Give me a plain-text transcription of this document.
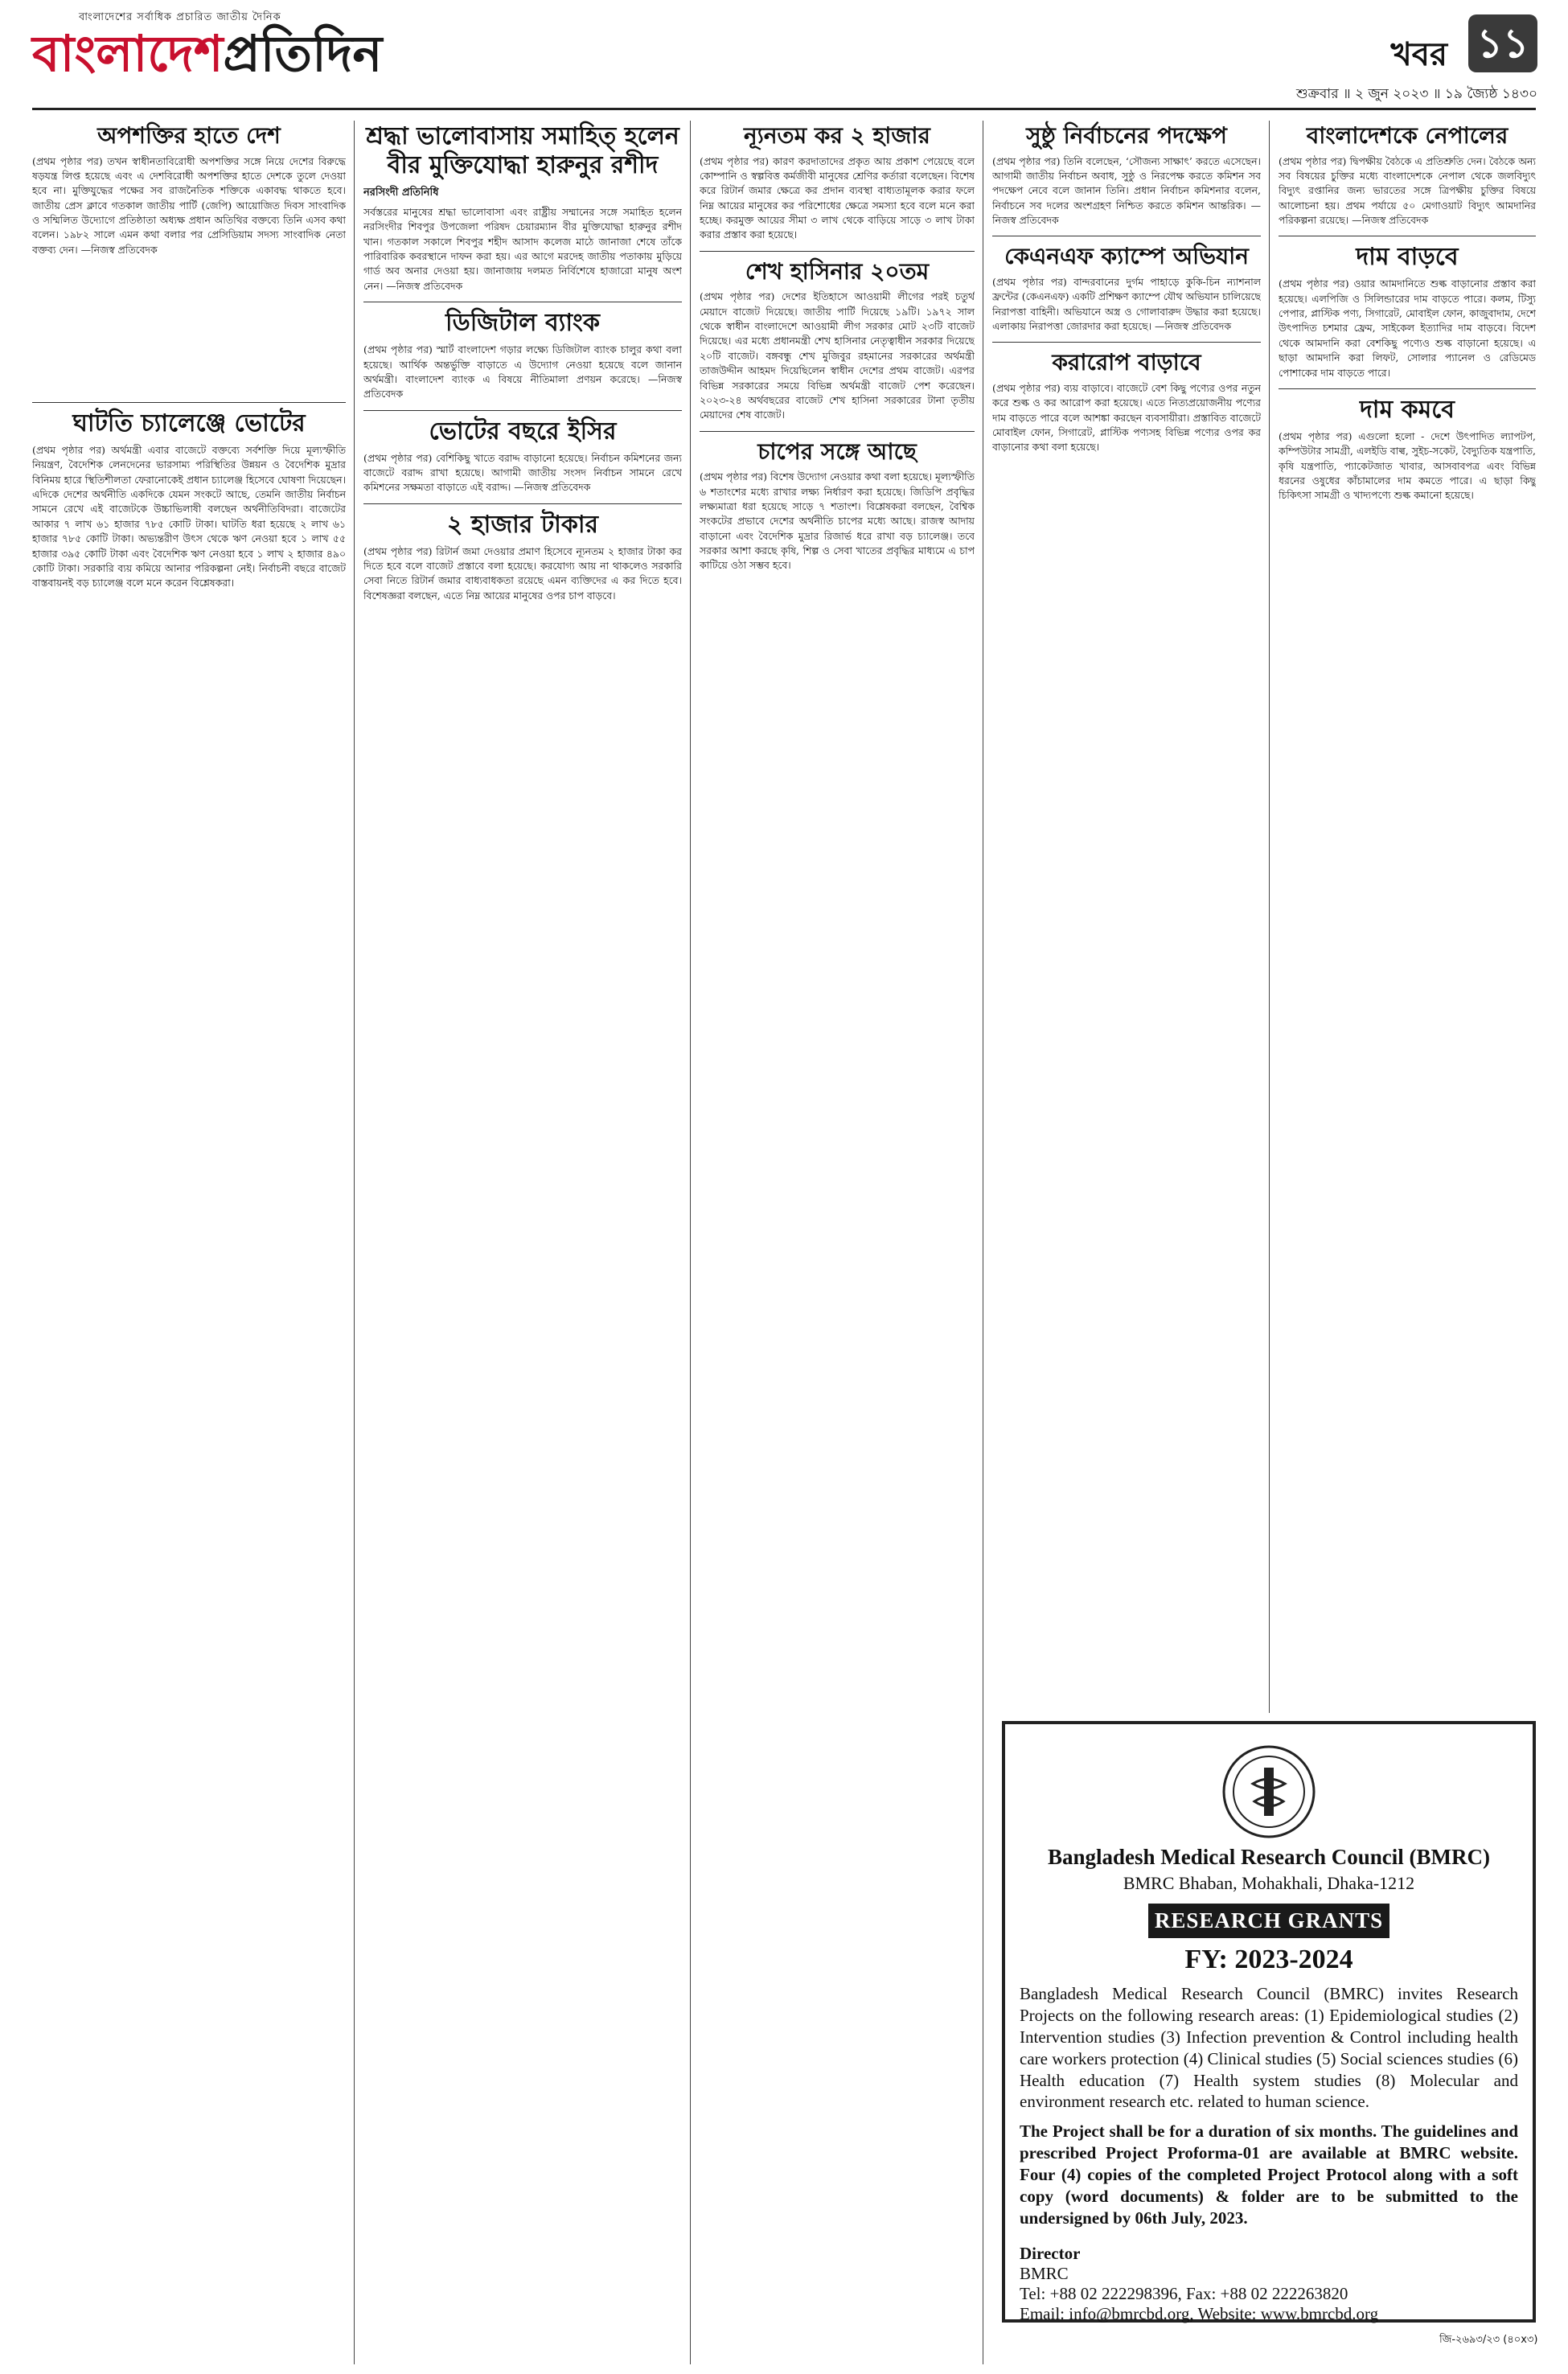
বাংলাদেশের সর্বাধিক প্রচারিত জাতীয় দৈনিক
বাংলাদেশপ্রতিদিন	খবর ১১
শুক্রবার ॥ ২ জুন ২০২৩ ॥ ১৯ জ্যৈষ্ঠ ১৪৩০
অপশক্তির হাতে দেশ
(প্রথম পৃষ্ঠার পর) তখন স্বাধীনতাবিরোধী অপশক্তির সঙ্গে নিয়ে দেশের বিরুদ্ধে ষড়যন্ত্র লিপ্ত হয়েছে এবং এ দেশবিরোধী অপশক্তির হাতে দেশকে তুলে দেওয়া হবে না। মুক্তিযুদ্ধের পক্ষের সব রাজনৈতিক শক্তিকে একাবদ্ধ থাকতে হবে। জাতীয় প্রেস ক্লাবে গতকাল জাতীয় পার্টি (জেপি) আয়োজিত দিবস সাংবাদিক ও সম্মিলিত উদ্যোগে প্রতিষ্ঠাতা অধ্যক্ষ প্রধান অতিথির বক্তব্যে তিনি এসব কথা বলেন। ১৯৮২ সালে এমন কথা বলার পর প্রেসিডিয়াম সদস্য সাংবাদিক নেতা বক্তব্য দেন। —নিজস্ব প্রতিবেদক
ঘাটতি চ্যালেঞ্জে ভোটের
(প্রথম পৃষ্ঠার পর) অর্থমন্ত্রী এবার বাজেটে বক্তব্যে সর্বশক্তি দিয়ে মূল্যস্ফীতি নিয়ন্ত্রণ, বৈদেশিক লেনদেনের ভারসাম্য পরিস্থিতির উন্নয়ন ও বৈদেশিক মুদ্রার বিনিময় হারে স্থিতিশীলতা ফেরানোকেই প্রধান চ্যালেঞ্জ হিসেবে ঘোষণা দিয়েছেন। এদিকে দেশের অর্থনীতি একদিকে যেমন সংকটে আছে, তেমনি জাতীয় নির্বাচন সামনে রেখে এই বাজেটকে উচ্চাভিলাষী বলছেন অর্থনীতিবিদরা। বাজেটের আকার ৭ লাখ ৬১ হাজার ৭৮৫ কোটি টাকা। ঘাটতি ধরা হয়েছে ২ লাখ ৬১ হাজার ৭৮৫ কোটি টাকা। অভ্যন্তরীণ উৎস থেকে ঋণ নেওয়া হবে ১ লাখ ৫৫ হাজার ৩৯৫ কোটি টাকা এবং বৈদেশিক ঋণ নেওয়া হবে ১ লাখ ২ হাজার ৪৯০ কোটি টাকা। সরকারি ব্যয় কমিয়ে আনার পরিকল্পনা নেই। নির্বাচনী বছরে বাজেট বাস্তবায়নই বড় চ্যালেঞ্জ বলে মনে করেন বিশ্লেষকরা।
শ্রদ্ধা ভালোবাসায় সমাহিত্ হলেন বীর মুক্তিযোদ্ধা হারুনুর রশীদ
নরসিংদী প্রতিনিধি
সর্বস্তরের মানুষের শ্রদ্ধা ভালোবাসা এবং রাষ্ট্রীয় সম্মানের সঙ্গে সমাহিত হলেন নরসিংদীর শিবপুর উপজেলা পরিষদ চেয়ারম্যান বীর মুক্তিযোদ্ধা হারুনুর রশীদ খান। গতকাল সকালে শিবপুর শহীদ আসাদ কলেজ মাঠে জানাজা শেষে তাঁকে পারিবারিক কবরস্থানে দাফন করা হয়। এর আগে মরদেহ জাতীয় পতাকায় মুড়িয়ে গার্ড অব অনার দেওয়া হয়। জানাজায় দলমত নির্বিশেষে হাজারো মানুষ অংশ নেন। —নিজস্ব প্রতিবেদক
ডিজিটাল ব্যাংক
(প্রথম পৃষ্ঠার পর) স্মার্ট বাংলাদেশ গড়ার লক্ষ্যে ডিজিটাল ব্যাংক চালুর কথা বলা হয়েছে। আর্থিক অন্তর্ভুক্তি বাড়াতে এ উদ্যোগ নেওয়া হয়েছে বলে জানান অর্থমন্ত্রী। বাংলাদেশ ব্যাংক এ বিষয়ে নীতিমালা প্রণয়ন করেছে। —নিজস্ব প্রতিবেদক
ভোটের বছরে ইসির
(প্রথম পৃষ্ঠার পর) বেশিকিছু খাতে বরাদ্দ বাড়ানো হয়েছে। নির্বাচন কমিশনের জন্য বাজেটে বরাদ্দ রাখা হয়েছে। আগামী জাতীয় সংসদ নির্বাচন সামনে রেখে কমিশনের সক্ষমতা বাড়াতে এই বরাদ্দ। —নিজস্ব প্রতিবেদক
২ হাজার টাকার
(প্রথম পৃষ্ঠার পর) রিটার্ন জমা দেওয়ার প্রমাণ হিসেবে ন্যূনতম ২ হাজার টাকা কর দিতে হবে বলে বাজেট প্রস্তাবে বলা হয়েছে। করযোগ্য আয় না থাকলেও সরকারি সেবা নিতে রিটার্ন জমার বাধ্যবাধকতা রয়েছে এমন ব্যক্তিদের এ কর দিতে হবে। বিশেষজ্ঞরা বলছেন, এতে নিম্ন আয়ের মানুষের ওপর চাপ বাড়বে।
ন্যূনতম কর ২ হাজার
(প্রথম পৃষ্ঠার পর) কারণ করদাতাদের প্রকৃত আয় প্রকাশ পেয়েছে বলে কোম্পানি ও স্বল্পবিত্ত কর্মজীবী মানুষের শ্রেণির কর্তারা বলেছেন। বিশেষ করে রিটার্ন জমার ক্ষেত্রে কর প্রদান ব্যবস্থা বাধ্যতামূলক করার ফলে নিম্ন আয়ের মানুষের কর পরিশোধের ক্ষেত্রে সমস্যা হবে বলে মনে করা হচ্ছে। করমুক্ত আয়ের সীমা ৩ লাখ থেকে বাড়িয়ে সাড়ে ৩ লাখ টাকা করার প্রস্তাব করা হয়েছে।
শেখ হাসিনার ২০তম
(প্রথম পৃষ্ঠার পর) দেশের ইতিহাসে আওয়ামী লীগের পরই চতুর্থ মেয়াদে বাজেট দিয়েছে। জাতীয় পার্টি দিয়েছে ১৯টি। ১৯৭২ সাল থেকে স্বাধীন বাংলাদেশে আওয়ামী লীগ সরকার মোট ২৩টি বাজেট দিয়েছে। এর মধ্যে প্রধানমন্ত্রী শেখ হাসিনার নেতৃত্বাধীন সরকার দিয়েছে ২০টি বাজেট। বঙ্গবন্ধু শেখ মুজিবুর রহমানের সরকারের অর্থমন্ত্রী তাজউদ্দীন আহমদ দিয়েছিলেন স্বাধীন দেশের প্রথম বাজেট। এরপর বিভিন্ন সরকারের সময়ে বিভিন্ন অর্থমন্ত্রী বাজেট পেশ করেছেন। ২০২৩-২৪ অর্থবছরের বাজেট শেখ হাসিনা সরকারের টানা তৃতীয় মেয়াদের শেষ বাজেট।
চাপের সঙ্গে আছে
(প্রথম পৃষ্ঠার পর) বিশেষ উদ্যোগ নেওয়ার কথা বলা হয়েছে। মূল্যস্ফীতি ৬ শতাংশের মধ্যে রাখার লক্ষ্য নির্ধারণ করা হয়েছে। জিডিপি প্রবৃদ্ধির লক্ষ্যমাত্রা ধরা হয়েছে সাড়ে ৭ শতাংশ। বিশ্লেষকরা বলছেন, বৈশ্বিক সংকটের প্রভাবে দেশের অর্থনীতি চাপের মধ্যে আছে। রাজস্ব আদায় বাড়ানো এবং বৈদেশিক মুদ্রার রিজার্ভ ধরে রাখা বড় চ্যালেঞ্জ। তবে সরকার আশা করছে কৃষি, শিল্প ও সেবা খাতের প্রবৃদ্ধির মাধ্যমে এ চাপ কাটিয়ে ওঠা সম্ভব হবে।
সুষ্ঠু নির্বাচনের পদক্ষেপ
(প্রথম পৃষ্ঠার পর) তিনি বলেছেন, ‘সৌজন্য সাক্ষাৎ’ করতে এসেছেন। আগামী জাতীয় নির্বাচন অবাধ, সুষ্ঠু ও নিরপেক্ষ করতে কমিশন সব পদক্ষেপ নেবে বলে জানান তিনি। প্রধান নির্বাচন কমিশনার বলেন, নির্বাচনে সব দলের অংশগ্রহণ নিশ্চিত করতে কমিশন আন্তরিক। —নিজস্ব প্রতিবেদক
কেএনএফ ক্যাম্পে অভিযান
(প্রথম পৃষ্ঠার পর) বান্দরবানের দুর্গম পাহাড়ে কুকি-চিন ন্যাশনাল ফ্রন্টের (কেএনএফ) একটি প্রশিক্ষণ ক্যাম্পে যৌথ অভিযান চালিয়েছে নিরাপত্তা বাহিনী। অভিযানে অস্ত্র ও গোলাবারুদ উদ্ধার করা হয়েছে। এলাকায় নিরাপত্তা জোরদার করা হয়েছে। —নিজস্ব প্রতিবেদক
করারোপ বাড়াবে
(প্রথম পৃষ্ঠার পর) ব্যয় বাড়াবে। বাজেটে বেশ কিছু পণ্যের ওপর নতুন করে শুল্ক ও কর আরোপ করা হয়েছে। এতে নিত্যপ্রয়োজনীয় পণ্যের দাম বাড়তে পারে বলে আশঙ্কা করছেন ব্যবসায়ীরা। প্রস্তাবিত বাজেটে মোবাইল ফোন, সিগারেট, প্লাস্টিক পণ্যসহ বিভিন্ন পণ্যের ওপর কর বাড়ানোর কথা বলা হয়েছে।
বাংলাদেশকে নেপালের
(প্রথম পৃষ্ঠার পর) দ্বিপক্ষীয় বৈঠকে এ প্রতিশ্রুতি দেন। বৈঠকে অন্য সব বিষয়ের চুক্তির মধ্যে বাংলাদেশকে নেপাল থেকে জলবিদ্যুৎ বিদ্যুৎ রপ্তানির জন্য ভারতের সঙ্গে ত্রিপক্ষীয় চুক্তির বিষয়ে আলোচনা হয়। প্রথম পর্যায়ে ৫০ মেগাওয়াট বিদ্যুৎ আমদানির পরিকল্পনা রয়েছে। —নিজস্ব প্রতিবেদক
দাম বাড়বে
(প্রথম পৃষ্ঠার পর) ওয়ার আমদানিতে শুল্ক বাড়ানোর প্রস্তাব করা হয়েছে। এলপিজি ও সিলিন্ডারের দাম বাড়তে পারে। কলম, টিস্যু পেপার, প্লাস্টিক পণ্য, সিগারেট, মোবাইল ফোন, কাজুবাদাম, দেশে উৎপাদিত চশমার ফ্রেম, সাইকেল ইত্যাদির দাম বাড়বে। বিদেশ থেকে আমদানি করা বেশকিছু পণ্যেও শুল্ক বাড়ানো হয়েছে। এ ছাড়া আমদানি করা লিফট, সোলার প্যানেল ও রেডিমেড পোশাকের দাম বাড়তে পারে।
দাম কমবে
(প্রথম পৃষ্ঠার পর) এগুলো হলো - দেশে উৎপাদিত ল্যাপটপ, কম্পিউটার সামগ্রী, এলইডি বাল্ব, সুইচ-সকেট, বৈদ্যুতিক যন্ত্রপাতি, কৃষি যন্ত্রপাতি, প্যাকেটজাত খাবার, আসবাবপত্র এবং বিভিন্ন ধরনের ওষুধের কাঁচামালের দাম কমতে পারে। এ ছাড়া কিছু চিকিৎসা সামগ্রী ও খাদ্যপণ্যে শুল্ক কমানো হয়েছে।
Bangladesh Medical Research Council (BMRC)
BMRC Bhaban, Mohakhali, Dhaka-1212
RESEARCH GRANTS
FY: 2023-2024
Bangladesh Medical Research Council (BMRC) invites Research Projects on the following research areas: (1) Epidemiological studies (2) Intervention studies (3) Infection prevention & Control including health care workers protection (4) Clinical studies (5) Social sciences studies (6) Health education (7) Health system studies (8) Molecular and environment research etc. related to human science.
The Project shall be for a duration of six months. The guidelines and prescribed Project Proforma-01 are available at BMRC website. Four (4) copies of the completed Project Protocol along with a soft copy (word documents) & folder are to be submitted to the undersigned by 06th July, 2023.
Director
BMRC
Tel: +88 02 222298396, Fax: +88 02 222263820
Email: info@bmrcbd.org, Website: www.bmrcbd.org
জি-২৬৯৩/২৩ (৪০x৩)
